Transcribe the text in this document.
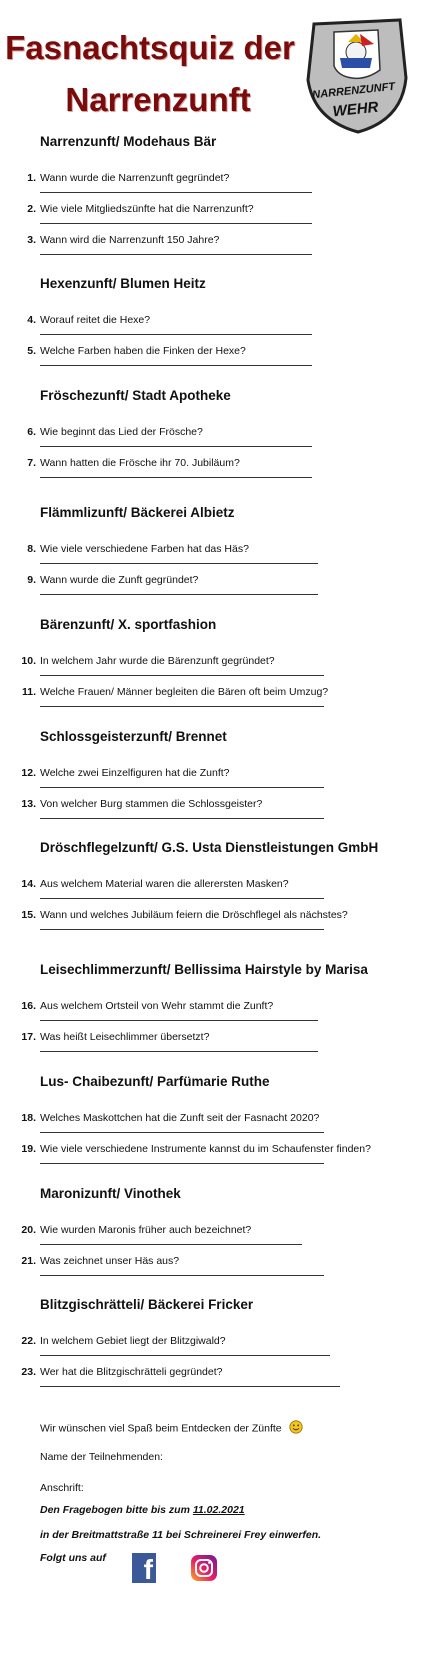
Fasnachtsquiz der
Narrenzunft	NARRENZUNFT
WEHR
Narrenzunft/ Modehaus Bär
1. Wann wurde die Narrenzunft gegründet?
2. Wie viele Mitgliedszünfte hat die Narrenzunft?
3. Wann wird die Narrenzunft 150 Jahre?
Hexenzunft/ Blumen Heitz
4. Worauf reitet die Hexe?
5. Welche Farben haben die Finken der Hexe?
Fröschezunft/ Stadt Apotheke
6. Wie beginnt das Lied der Frösche?
7. Wann hatten die Frösche ihr 70. Jubiläum?
Flämmlizunft/ Bäckerei Albietz
8. Wie viele verschiedene Farben hat das Häs?
9. Wann wurde die Zunft gegründet?
Bärenzunft/ X. sportfashion
10. In welchem Jahr wurde die Bärenzunft gegründet?
11. Welche Frauen/ Männer begleiten die Bären oft beim Umzug?
Schlossgeisterzunft/ Brennet
12. Welche zwei Einzelfiguren hat die Zunft?
13. Von welcher Burg stammen die Schlossgeister?
Dröschflegelzunft/ G.S. Usta Dienstleistungen GmbH
14. Aus welchem Material waren die allerersten Masken?
15. Wann und welches Jubiläum feiern die Dröschflegel als nächstes?
Leisechlimmerzunft/ Bellissima Hairstyle by Marisa
16. Aus welchem Ortsteil von Wehr stammt die Zunft?
17. Was heißt Leisechlimmer übersetzt?
Lus- Chaibezunft/ Parfümarie Ruthe
18. Welches Maskottchen hat die Zunft seit der Fasnacht 2020?
19. Wie viele verschiedene Instrumente kannst du im Schaufenster finden?
Maronizunft/ Vinothek
20. Wie wurden Maronis früher auch bezeichnet?
21. Was zeichnet unser Häs aus?
Blitzgischrätteli/ Bäckerei Fricker
22. In welchem Gebiet liegt der Blitzgiwald?
23. Wer hat die Blitzgischrätteli gegründet?
Wir wünschen viel Spaß beim Entdecken der Zünfte
Name der Teilnehmenden:
Anschrift:
Den Fragebogen bitte bis zum 11.02.2021
in der Breitmattstraße 11 bei Schreinerei Frey einwerfen.
Folgt uns auf f
